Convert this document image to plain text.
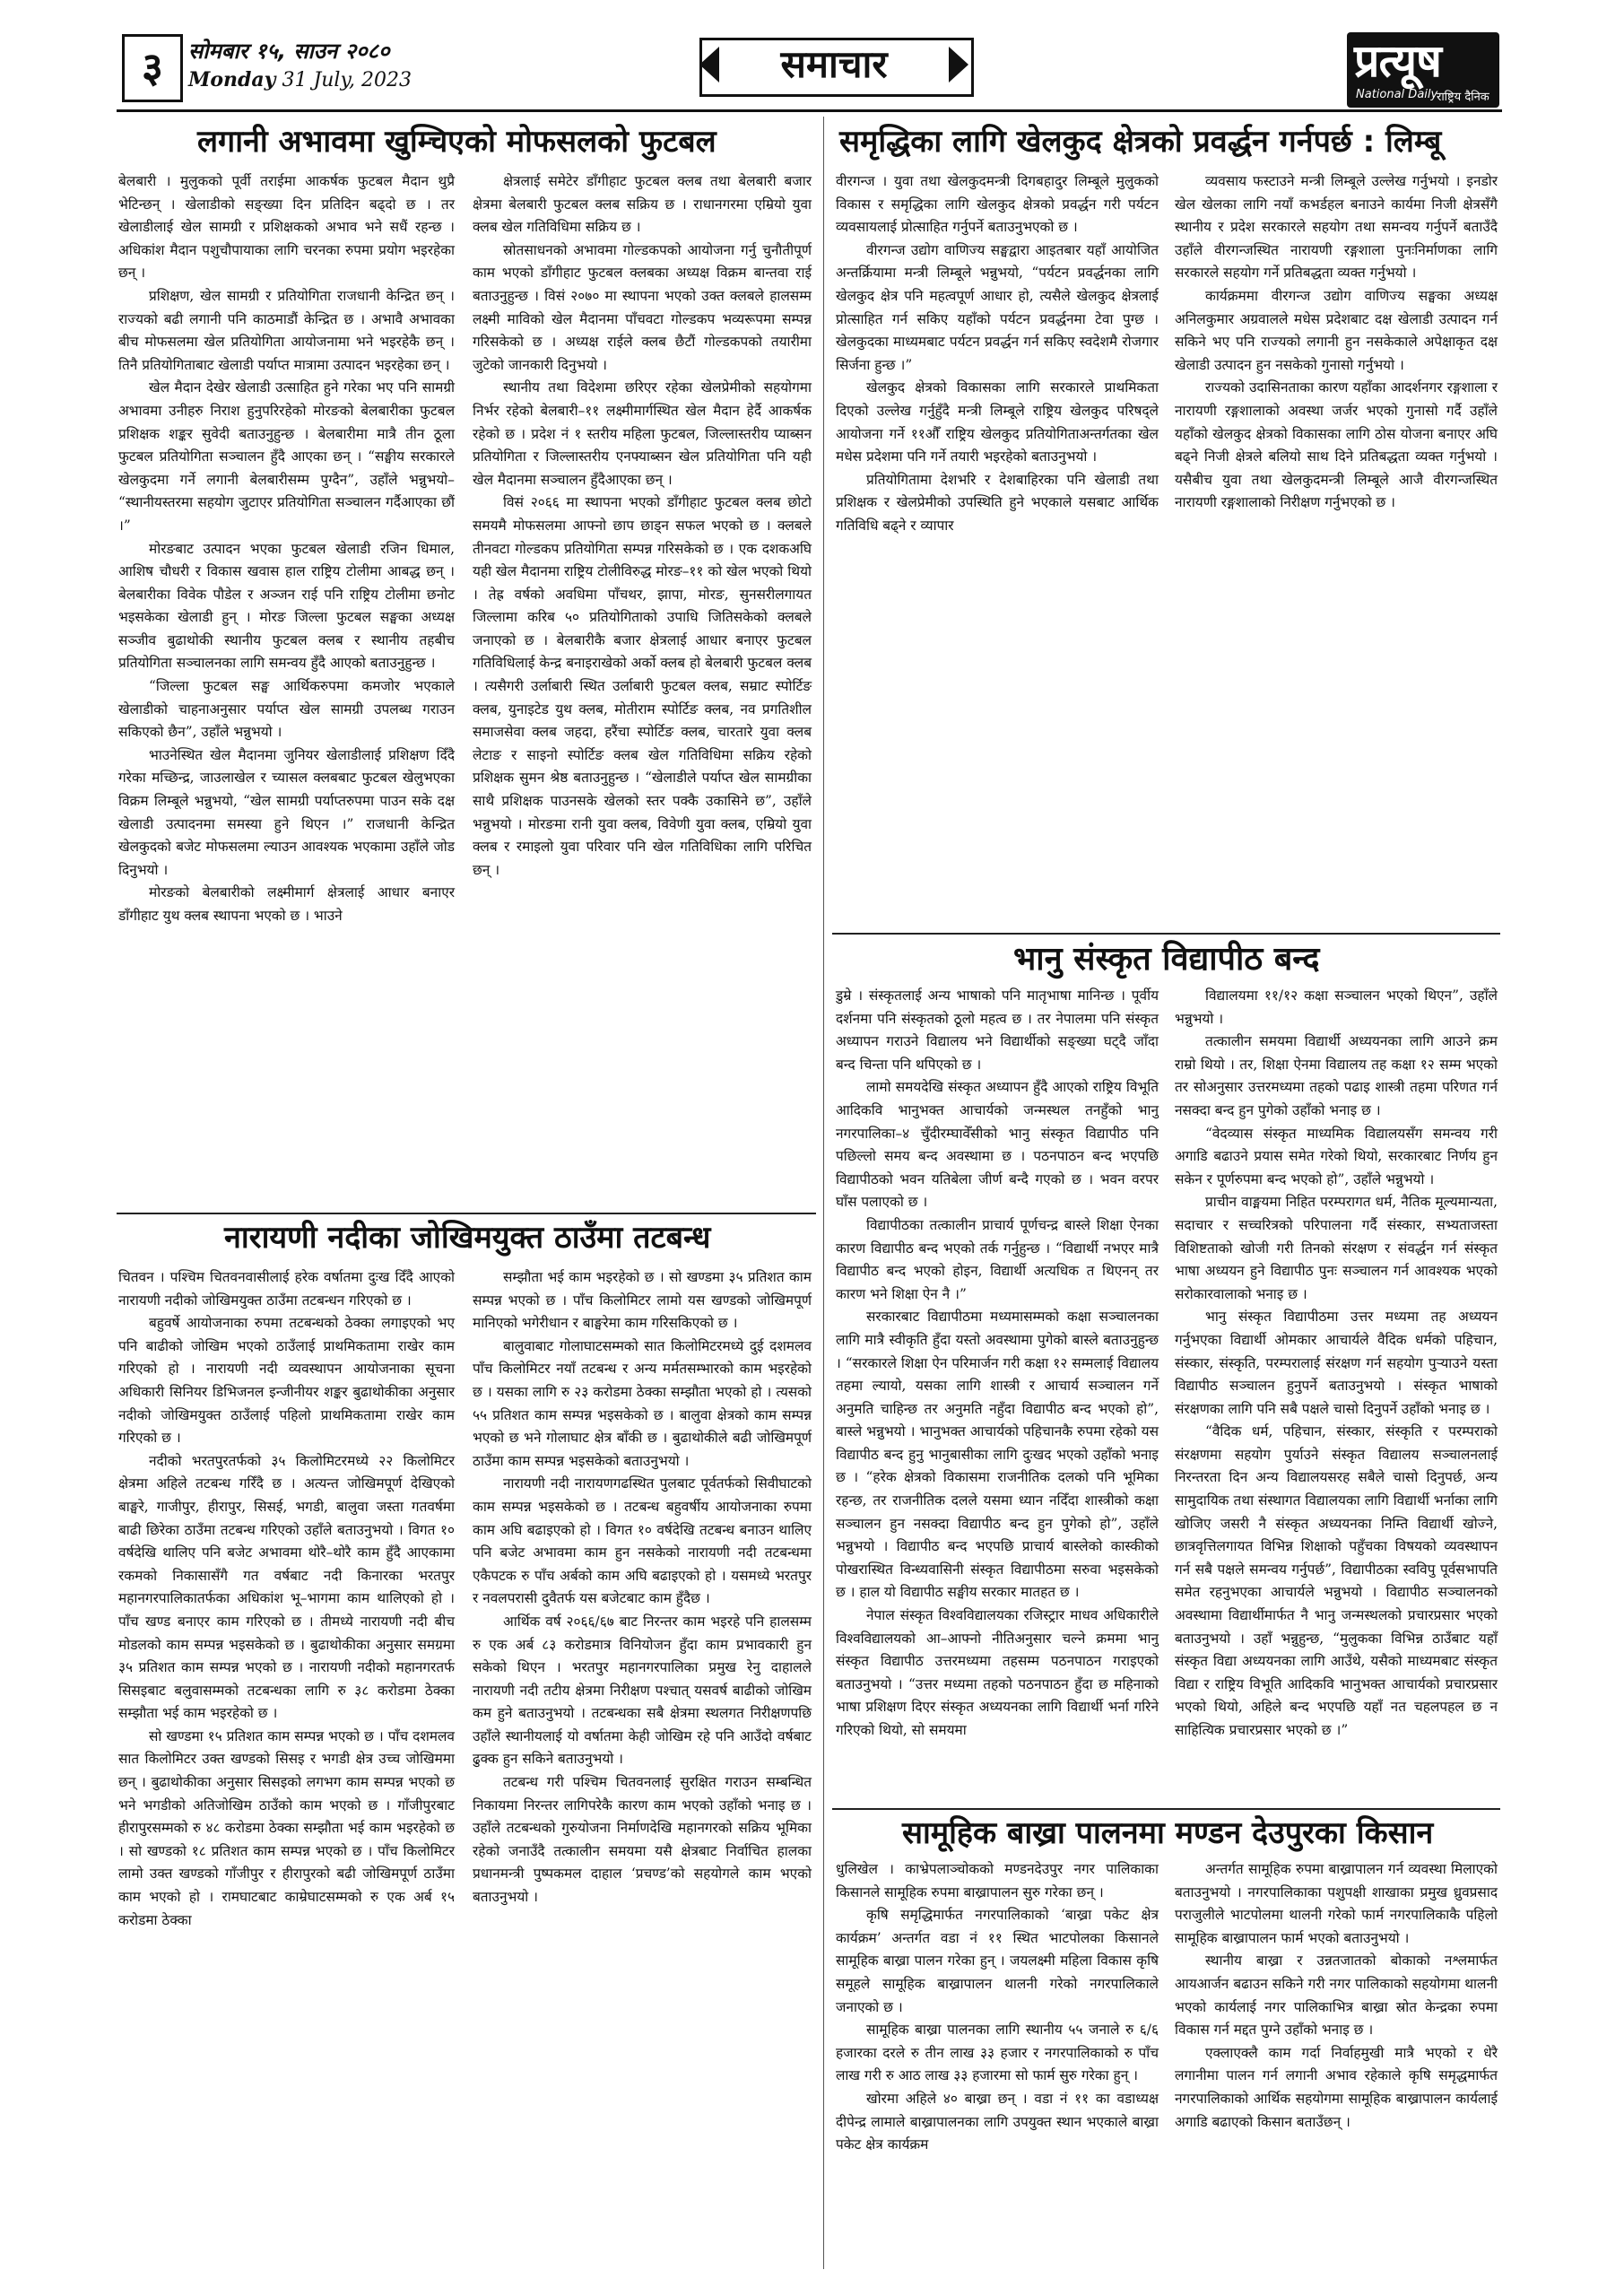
३	सोमबार १५, साउन २०८०
Monday 31 July, 2023	समाचार	प्रत्यूष
National Daily
राष्ट्रिय दैनिक
लगानी अभावमा खुम्चिएको मोफसलको फुटबल	समृद्धिका लागि खेलकुद क्षेत्रको प्रवर्द्धन गर्नपर्छ : लिम्बू
भानु संस्कृत विद्यापीठ बन्द
नारायणी नदीका जोखिमयुक्त ठाउँमा तटबन्ध
सामूहिक बाख्रा पालनमा मण्डन देउपुरका किसान

बेलबारी । मुलुकको पूर्वी तराईमा आकर्षक फुटबल मैदान थुप्रै भेटिन्छन् । खेलाडीको सङ्ख्या दिन प्रतिदिन बढ्दो छ । तर खेलाडीलाई खेल सामग्री र प्रशिक्षकको अभाव भने सधैं रहन्छ । अधिकांश मैदान पशुचौपायाका लागि चरनका रुपमा प्रयोग भइरहेका छन् ।

प्रशिक्षण, खेल सामग्री र प्रतियोगिता राजधानी केन्द्रित छन् । राज्यको बढी लगानी पनि काठमाडौं केन्द्रित छ । अभावै अभावका बीच मोफसलमा खेल प्रतियोगिता आयोजनामा भने भइरहेकै छन् । तिनै प्रतियोगिताबाट खेलाडी पर्याप्त मात्रामा उत्पादन भइरहेका छन् ।

खेल मैदान देखेर खेलाडी उत्साहित हुने गरेका भए पनि सामग्री अभावमा उनीहरु निराश हुनुपरिरहेको मोरङको बेलबारीका फुटबल प्रशिक्षक शङ्कर सुवेदी बताउनुहुन्छ । बेलबारीमा मात्रै तीन ठूला फुटबल प्रतियोगिता सञ्चालन हुँदै आएका छन् । “सङ्घीय सरकारले खेलकुदमा गर्ने लगानी बेलबारीसम्म पुग्दैन”, उहाँले भन्नुभयो– “स्थानीयस्तरमा सहयोग जुटाएर प्रतियोगिता सञ्चालन गर्दैआएका छौं ।”

मोरङबाट उत्पादन भएका फुटबल खेलाडी रजिन धिमाल, आशिष चौधरी र विकास खवास हाल राष्ट्रिय टोलीमा आबद्ध छन् । बेलबारीका विवेक पौडेल र अञ्जन राई पनि राष्ट्रिय टोलीमा छनोट भइसकेका खेलाडी हुन् । मोरङ जिल्ला फुटबल सङ्घका अध्यक्ष सञ्जीव बुढाथोकी स्थानीय फुटबल क्लब र स्थानीय तहबीच प्रतियोगिता सञ्चालनका लागि समन्वय हुँदै आएको बताउनुहुन्छ ।

“जिल्ला फुटबल सङ्घ आर्थिकरुपमा कमजोर भएकाले खेलाडीको चाहनाअनुसार पर्याप्त खेल सामग्री उपलब्ध गराउन सकिएको छैन”, उहाँले भन्नुभयो ।

भाउनेस्थित खेल मैदानमा जुनियर खेलाडीलाई प्रशिक्षण दिँदै गरेका मच्छिन्द्र, जाउलाखेल र च्यासल क्लबबाट फुटबल खेलुभएका विक्रम लिम्बूले भन्नुभयो, “खेल सामग्री पर्याप्तरुपमा पाउन सके दक्ष खेलाडी उत्पादनमा समस्या हुने थिएन ।” राजधानी केन्द्रित खेलकुदको बजेट मोफसलमा ल्याउन आवश्यक भएकामा उहाँले जोड दिनुभयो ।

मोरङको बेलबारीको लक्ष्मीमार्ग क्षेत्रलाई आधार बनाएर डाँगीहाट युथ क्लब स्थापना भएको छ । भाउने

क्षेत्रलाई समेटेर डाँगीहाट फुटबल क्लब तथा बेलबारी बजार क्षेत्रमा बेलबारी फुटबल क्लब सक्रिय छ । राधानगरमा एम्रियो युवा क्लब खेल गतिविधिमा सक्रिय छ ।

स्रोतसाधनको अभावमा गोल्डकपको आयोजना गर्नु चुनौतीपूर्ण काम भएको डाँगीहाट फुटबल क्लबका अध्यक्ष विक्रम बान्तवा राई बताउनुहुन्छ । विसं २०७० मा स्थापना भएको उक्त क्लबले हालसम्म लक्ष्मी माविको खेल मैदानमा पाँचवटा गोल्डकप भव्यरूपमा सम्पन्न गरिसकेको छ । अध्यक्ष राईले क्लब छैटौं गोल्डकपको तयारीमा जुटेको जानकारी दिनुभयो ।

स्थानीय तथा विदेशमा छरिएर रहेका खेलप्रेमीको सहयोगमा निर्भर रहेको बेलबारी–११ लक्ष्मीमार्गस्थित खेल मैदान हेर्दै आकर्षक रहेको छ । प्रदेश नं १ स्तरीय महिला फुटबल, जिल्लास्तरीय प्याब्सन प्रतियोगिता र जिल्लास्तरीय एनफ्याब्सन खेल प्रतियोगिता पनि यही खेल मैदानमा सञ्चालन हुँदैआएका छन् ।

विसं २०६६ मा स्थापना भएको डाँगीहाट फुटबल क्लब छोटो समयमै मोफसलमा आफ्नो छाप छाड्न सफल भएको छ । क्लबले तीनवटा गोल्डकप प्रतियोगिता सम्पन्न गरिसकेको छ । एक दशकअघि यही खेल मैदानमा राष्ट्रिय टोलीविरुद्ध मोरङ–११ को खेल भएको थियो । तेह्र वर्षको अवधिमा पाँचथर, झापा, मोरङ, सुनसरीलगायत जिल्लामा करिब ५० प्रतियोगिताको उपाधि जितिसकेको क्लबले जनाएको छ । बेलबारीकै बजार क्षेत्रलाई आधार बनाएर फुटबल गतिविधिलाई केन्द्र बनाइराखेको अर्को क्लब हो बेलबारी फुटबल क्लब । त्यसैगरी उर्लाबारी स्थित उर्लाबारी फुटबल क्लब, सम्राट स्पोर्टिङ क्लब, युनाइटेड युथ क्लब, मोतीराम स्पोर्टिङ क्लब, नव प्रगतिशील समाजसेवा क्लब जहदा, हरैंचा स्पोर्टिङ क्लब, चारतारे युवा क्लब लेटाङ र साइनो स्पोर्टिङ क्लब खेल गतिविधिमा सक्रिय रहेको प्रशिक्षक सुमन श्रेष्ठ बताउनुहुन्छ । “खेलाडीले पर्याप्त खेल सामग्रीका साथै प्रशिक्षक पाउनसके खेलको स्तर पक्कै उकासिने छ”, उहाँले भन्नुभयो । मोरङमा रानी युवा क्लब, विवेणी युवा क्लब, एम्रियो युवा क्लब र रमाइलो युवा परिवार पनि खेल गतिविधिका लागि परिचित छन् ।

वीरगन्ज । युवा तथा खेलकुदमन्त्री दिगबहादुर लिम्बूले मुलुकको विकास र समृद्धिका लागि खेलकुद क्षेत्रको प्रवर्द्धन गरी पर्यटन व्यवसायलाई प्रोत्साहित गर्नुपर्ने बताउनुभएको छ ।

वीरगन्ज उद्योग वाणिज्य सङ्घद्वारा आइतबार यहाँ आयोजित अन्तर्क्रियामा मन्त्री लिम्बूले भन्नुभयो, “पर्यटन प्रवर्द्धनका लागि खेलकुद क्षेत्र पनि महत्वपूर्ण आधार हो, त्यसैले खेलकुद क्षेत्रलाई प्रोत्साहित गर्न सकिए यहाँको पर्यटन प्रवर्द्धनमा टेवा पुग्छ । खेलकुदका माध्यमबाट पर्यटन प्रवर्द्धन गर्न सकिए स्वदेशमै रोजगार सिर्जना हुन्छ ।”

खेलकुद क्षेत्रको विकासका लागि सरकारले प्राथमिकता दिएको उल्लेख गर्नुहुँदै मन्त्री लिम्बूले राष्ट्रिय खेलकुद परिषद्ले आयोजना गर्ने ११औँ राष्ट्रिय खेलकुद प्रतियोगिताअन्तर्गतका खेल मधेस प्रदेशमा पनि गर्ने तयारी भइरहेको बताउनुभयो ।

प्रतियोगितामा देशभरि र देशबाहिरका पनि खेलाडी तथा प्रशिक्षक र खेलप्रेमीको उपस्थिति हुने भएकाले यसबाट आर्थिक गतिविधि बढ्ने र व्यापार

व्यवसाय फस्टाउने मन्त्री लिम्बूले उल्लेख गर्नुभयो । इनडोर खेल खेलका लागि नयाँ कभर्डहल बनाउने कार्यमा निजी क्षेत्रसँगै स्थानीय र प्रदेश सरकारले सहयोग तथा समन्वय गर्नुपर्ने बताउँदै उहाँले वीरगन्जस्थित नारायणी रङ्गशाला पुनःनिर्माणका लागि सरकारले सहयोग गर्ने प्रतिबद्धता व्यक्त गर्नुभयो ।

कार्यक्रममा वीरगन्ज उद्योग वाणिज्य सङ्घका अध्यक्ष अनिलकुमार अग्रवालले मधेस प्रदेशबाट दक्ष खेलाडी उत्पादन गर्न सकिने भए पनि राज्यको लगानी हुन नसकेकाले अपेक्षाकृत दक्ष खेलाडी उत्पादन हुन नसकेको गुनासो गर्नुभयो ।

राज्यको उदासिनताका कारण यहाँका आदर्शनगर रङ्गशाला र नारायणी रङ्गशालाको अवस्था जर्जर भएको गुनासो गर्दै उहाँले यहाँको खेलकुद क्षेत्रको विकासका लागि ठोस योजना बनाएर अघि बढ्ने निजी क्षेत्रले बलियो साथ दिने प्रतिबद्धता व्यक्त गर्नुभयो । यसैबीच युवा तथा खेलकुदमन्त्री लिम्बूले आजै वीरगन्जस्थित नारायणी रङ्गशालाको निरीक्षण गर्नुभएको छ ।

डुम्रे । संस्कृतलाई अन्य भाषाको पनि मातृभाषा मानिन्छ । पूर्वीय दर्शनमा पनि संस्कृतको ठूलो महत्व छ । तर नेपालमा पनि संस्कृत अध्यापन गराउने विद्यालय भने विद्यार्थीको सङ्ख्या घट्दै जाँदा बन्द चिन्ता पनि थपिएको छ ।

लामो समयदेखि संस्कृत अध्यापन हुँदै आएको राष्ट्रिय विभूति आदिकवि भानुभक्त आचार्यको जन्मस्थल तनहुँको भानु नगरपालिका–४ चुँदीरम्घावेँसीको भानु संस्कृत विद्यापीठ पनि पछिल्लो समय बन्द अवस्थामा छ । पठनपाठन बन्द भएपछि विद्यापीठको भवन यतिबेला जीर्ण बन्दै गएको छ । भवन वरपर घाँस पलाएको छ ।

विद्यापीठका तत्कालीन प्राचार्य पूर्णचन्द्र बास्ले शिक्षा ऐनका कारण विद्यापीठ बन्द भएको तर्क गर्नुहुन्छ । “विद्यार्थी नभएर मात्रै विद्यापीठ बन्द भएको होइन, विद्यार्थी अत्यधिक त थिएनन् तर कारण भने शिक्षा ऐन नै ।”

सरकारबाट विद्यापीठमा मध्यमासम्मको कक्षा सञ्चालनका लागि मात्रै स्वीकृति हुँदा यस्तो अवस्थामा पुगेको बास्ले बताउनुहुन्छ । “सरकारले शिक्षा ऐन परिमार्जन गरी कक्षा १२ सम्मलाई विद्यालय तहमा ल्यायो, यसका लागि शास्त्री र आचार्य सञ्चालन गर्ने अनुमति चाहिन्छ तर अनुमति नहुँदा विद्यापीठ बन्द भएको हो”, बास्ले भन्नुभयो । भानुभक्त आचार्यको पहिचानकै रुपमा रहेको यस विद्यापीठ बन्द हुनु भानुबासीका लागि दुःखद भएको उहाँको भनाइ छ । “हरेक क्षेत्रको विकासमा राजनीतिक दलको पनि भूमिका रहन्छ, तर राजनीतिक दलले यसमा ध्यान नदिँदा शास्त्रीको कक्षा सञ्चालन हुन नसक्दा विद्यापीठ बन्द हुन पुगेको हो”, उहाँले भन्नुभयो । विद्यापीठ बन्द भएपछि प्राचार्य बास्लेको कास्कीको पोखरास्थित विन्ध्यवासिनी संस्कृत विद्यापीठमा सरुवा भइसकेको छ । हाल यो विद्यापीठ सङ्घीय सरकार मातहत छ ।

नेपाल संस्कृत विश्वविद्यालयका रजिस्ट्रार माधव अधिकारीले विश्वविद्यालयको आ–आफ्नो नीतिअनुसार चल्ने क्रममा भानु संस्कृत विद्यापीठ उत्तरमध्यमा तहसम्म पठनपाठन गराइएको बताउनुभयो । “उत्तर मध्यमा तहको पठनपाठन हुँदा छ महिनाको भाषा प्रशिक्षण दिएर संस्कृत अध्ययनका लागि विद्यार्थी भर्ना गरिने गरिएको थियो, सो समयमा

विद्यालयमा ११/१२ कक्षा सञ्चालन भएको थिएन”, उहाँले भन्नुभयो ।

तत्कालीन समयमा विद्यार्थी अध्ययनका लागि आउने क्रम राम्रो थियो । तर, शिक्षा ऐनमा विद्यालय तह कक्षा १२ सम्म भएको तर सोअनुसार उत्तरमध्यमा तहको पढाइ शास्त्री तहमा परिणत गर्न नसक्दा बन्द हुन पुगेको उहाँको भनाइ छ ।

“वेदव्यास संस्कृत माध्यमिक विद्यालयसँग समन्वय गरी अगाडि बढाउने प्रयास समेत गरेको थियो, सरकारबाट निर्णय हुन सकेन र पूर्णरुपमा बन्द भएको हो”, उहाँले भन्नुभयो ।

प्राचीन वाङ्मयमा निहित परम्परागत धर्म, नैतिक मूल्यमान्यता, सदाचार र सच्चरित्रको परिपालना गर्दै संस्कार, सभ्यताजस्ता विशिष्टताको खोजी गरी तिनको संरक्षण र संवर्द्धन गर्न संस्कृत भाषा अध्ययन हुने विद्यापीठ पुनः सञ्चालन गर्न आवश्यक भएको सरोकारवालाको भनाइ छ ।

भानु संस्कृत विद्यापीठमा उत्तर मध्यमा तह अध्ययन गर्नुभएका विद्यार्थी ओमकार आचार्यले वैदिक धर्मको पहिचान, संस्कार, संस्कृति, परम्परालाई संरक्षण गर्न सहयोग पुऱ्याउने यस्ता विद्यापीठ सञ्चालन हुनुपर्ने बताउनुभयो । संस्कृत भाषाको संरक्षणका लागि पनि सबै पक्षले चासो दिनुपर्ने उहाँको भनाइ छ ।

“वैदिक धर्म, पहिचान, संस्कार, संस्कृति र परम्पराको संरक्षणमा सहयोग पुर्याउने संस्कृत विद्यालय सञ्चालनलाई निरन्तरता दिन अन्य विद्यालयसरह सबैले चासो दिनुपर्छ, अन्य सामुदायिक तथा संस्थागत विद्यालयका लागि विद्यार्थी भर्नाका लागि खोजिए जसरी नै संस्कृत अध्ययनका निम्ति विद्यार्थी खोज्ने, छात्रवृत्तिलगायत विभिन्न शिक्षाको पहुँचका विषयको व्यवस्थापन गर्न सबै पक्षले समन्वय गर्नुपर्छ”, विद्यापीठका स्वविपु पूर्वसभापति समेत रहनुभएका आचार्यले भन्नुभयो । विद्यापीठ सञ्चालनको अवस्थामा विद्यार्थीमार्फत नै भानु जन्मस्थलको प्रचारप्रसार भएको बताउनुभयो । उहाँ भन्नुहुन्छ, “मुलुकका विभिन्न ठाउँबाट यहाँ संस्कृत विद्या अध्ययनका लागि आउँथे, यसैको माध्यमबाट संस्कृत विद्या र राष्ट्रिय विभूति आदिकवि भानुभक्त आचार्यको प्रचारप्रसार भएको थियो, अहिले बन्द भएपछि यहाँ नत चहलपहल छ न साहित्यिक प्रचारप्रसार भएको छ ।”

चितवन । पश्चिम चितवनवासीलाई हरेक वर्षातमा दुःख दिँदै आएको नारायणी नदीको जोखिमयुक्त ठाउँमा तटबन्धन गरिएको छ ।

बहुवर्षे आयोजनाका रुपमा तटबन्धको ठेक्का लगाइएको भए पनि बाढीको जोखिम भएको ठाउँलाई प्राथमिकतामा राखेर काम गरिएको हो । नारायणी नदी व्यवस्थापन आयोजनाका सूचना अधिकारी सिनियर डिभिजनल इन्जीनीयर शङ्कर बुढाथोकीका अनुसार नदीको जोखिमयुक्त ठाउँलाई पहिलो प्राथमिकतामा राखेर काम गरिएको छ ।

नदीको भरतपुरतर्फको ३५ किलोमिटरमध्ये २२ किलोमिटर क्षेत्रमा अहिले तटबन्ध गरिँदै छ । अत्यन्त जोखिमपूर्ण देखिएको बाङ्घरे, गाजीपुर, हीरापुर, सिसई, भगडी, बालुवा जस्ता गतवर्षमा बाढी छिरेका ठाउँमा तटबन्ध गरिएको उहाँले बताउनुभयो । विगत १० वर्षदेखि थालिए पनि बजेट अभावमा थोरै–थोरै काम हुँदै आएकामा रकमको निकासासँगै गत वर्षबाट नदी किनारका भरतपुर महानगरपालिकातर्फका अधिकांश भू–भागमा काम थालिएको हो । पाँच खण्ड बनाएर काम गरिएको छ । तीमध्ये नारायणी नदी बीच मोडलको काम सम्पन्न भइसकेको छ । बुढाथोकीका अनुसार समग्रमा ३५ प्रतिशत काम सम्पन्न भएको छ । नारायणी नदीको महानगरतर्फ सिसइबाट बलुवासम्मको तटबन्धका लागि रु ३८ करोडमा ठेक्का सम्झौता भई काम भइरहेको छ ।

सो खण्डमा १५ प्रतिशत काम सम्पन्न भएको छ । पाँच दशमलव सात किलोमिटर उक्त खण्डको सिसइ र भगडी क्षेत्र उच्च जोखिममा छन् । बुढाथोकीका अनुसार सिसइको लगभग काम सम्पन्न भएको छ भने भगडीको अतिजोखिम ठाउँको काम भएको छ । गाँजीपुरबाट हीरापुरसम्मको रु ४८ करोडमा ठेक्का सम्झौता भई काम भइरहेको छ । सो खण्डको १८ प्रतिशत काम सम्पन्न भएको छ । पाँच किलोमिटर लामो उक्त खण्डको गाँजीपुर र हीरापुरको बढी जोखिमपूर्ण ठाउँमा काम भएको हो । रामघाटबाट काम्रेघाटसम्मको रु एक अर्ब १५ करोडमा ठेक्का

सम्झौता भई काम भइरहेको छ । सो खण्डमा ३५ प्रतिशत काम सम्पन्न भएको छ । पाँच किलोमिटर लामो यस खण्डको जोखिमपूर्ण मानिएको भगेरीधान र बाङ्घरेमा काम गरिसकिएको छ ।

बालुवाबाट गोलाघाटसम्मको सात किलोमिटरमध्ये दुई दशमलव पाँच किलोमिटर नयाँ तटबन्ध र अन्य मर्मतसम्भारको काम भइरहेको छ । यसका लागि रु २३ करोडमा ठेक्का सम्झौता भएको हो । त्यसको ५५ प्रतिशत काम सम्पन्न भइसकेको छ । बालुवा क्षेत्रको काम सम्पन्न भएको छ भने गोलाघाट क्षेत्र बाँकी छ । बुढाथोकीले बढी जोखिमपूर्ण ठाउँमा काम सम्पन्न भइसकेको बताउनुभयो ।

नारायणी नदी नारायणगढस्थित पुलबाट पूर्वतर्फको सिवीघाटको काम सम्पन्न भइसकेको छ । तटबन्ध बहुवर्षीय आयोजनाका रुपमा काम अघि बढाइएको हो । विगत १० वर्षदेखि तटबन्ध बनाउन थालिए पनि बजेट अभावमा काम हुन नसकेको नारायणी नदी तटबन्धमा एकैपटक रु पाँच अर्बको काम अघि बढाइएको हो । यसमध्ये भरतपुर र नवलपरासी दुवैतर्फ यस बजेटबाट काम हुँदैछ ।

आर्थिक वर्ष २०६६/६७ बाट निरन्तर काम भइरहे पनि हालसम्म रु एक अर्ब ८३ करोडमात्र विनियोजन हुँदा काम प्रभावकारी हुन सकेको थिएन । भरतपुर महानगरपालिका प्रमुख रेनु दाहालले नारायणी नदी तटीय क्षेत्रमा निरीक्षण पश्चात् यसवर्ष बाढीको जोखिम कम हुने बताउनुभयो । तटबन्धका सबै क्षेत्रमा स्थलगत निरीक्षणपछि उहाँले स्थानीयलाई यो वर्षातमा केही जोखिम रहे पनि आउँदो वर्षबाट ढुक्क हुन सकिने बताउनुभयो ।

तटबन्ध गरी पश्चिम चितवनलाई सुरक्षित गराउन सम्बन्धित निकायमा निरन्तर लागिपरेकै कारण काम भएको उहाँको भनाइ छ । उहाँले तटबन्धको गुरुयोजना निर्माणदेखि महानगरको सक्रिय भूमिका रहेको जनाउँदै तत्कालीन समयमा यसै क्षेत्रबाट निर्वाचित हालका प्रधानमन्त्री पुष्पकमल दाहाल ‘प्रचण्ड’को सहयोगले काम भएको बताउनुभयो ।

धुलिखेल । काभ्रेपलाञ्चोकको मण्डनदेउपुर नगर पालिकाका किसानले सामूहिक रुपमा बाख्रापालन सुरु गरेका छन् ।

कृषि समृद्धिमार्फत नगरपालिकाको ‘बाख्रा पकेट क्षेत्र कार्यक्रम’ अन्तर्गत वडा नं ११ स्थित भाटपोलका किसानले सामूहिक बाख्रा पालन गरेका हुन् । जयलक्ष्मी महिला विकास कृषि समूहले सामूहिक बाख्रापालन थालनी गरेको नगरपालिकाले जनाएको छ ।

सामूहिक बाख्रा पालनका लागि स्थानीय ५५ जनाले रु ६/६ हजारका दरले रु तीन लाख ३३ हजार र नगरपालिकाको रु पाँच लाख गरी रु आठ लाख ३३ हजारमा सो फार्म सुरु गरेका हुन् ।

खोरमा अहिले ४० बाख्रा छन् । वडा नं ११ का वडाध्यक्ष दीपेन्द्र लामाले बाख्रापालनका लागि उपयुक्त स्थान भएकाले बाख्रा पकेट क्षेत्र कार्यक्रम

अन्तर्गत सामूहिक रुपमा बाख्रापालन गर्न व्यवस्था मिलाएको बताउनुभयो । नगरपालिकाका पशुपक्षी शाखाका प्रमुख ध्रुवप्रसाद पराजुलीले भाटपोलमा थालनी गरेको फार्म नगरपालिकाकै पहिलो सामूहिक बाख्रापालन फार्म भएको बताउनुभयो ।

स्थानीय बाख्रा र उन्नतजातको बोकाको नश्लमार्फत आयआर्जन बढाउन सकिने गरी नगर पालिकाको सहयोगमा थालनी भएको कार्यलाई नगर पालिकाभित्र बाख्रा स्रोत केन्द्रका रुपमा विकास गर्न मद्दत पुग्ने उहाँको भनाइ छ ।

एक्लाएक्लै काम गर्दा निर्वाहमुखी मात्रै भएको र धेरै लगानीमा पालन गर्न लगानी अभाव रहेकाले कृषि समृद्धमार्फत नगरपालिकाको आर्थिक सहयोगमा सामूहिक बाख्रापालन कार्यलाई अगाडि बढाएको किसान बताउँछन् ।
